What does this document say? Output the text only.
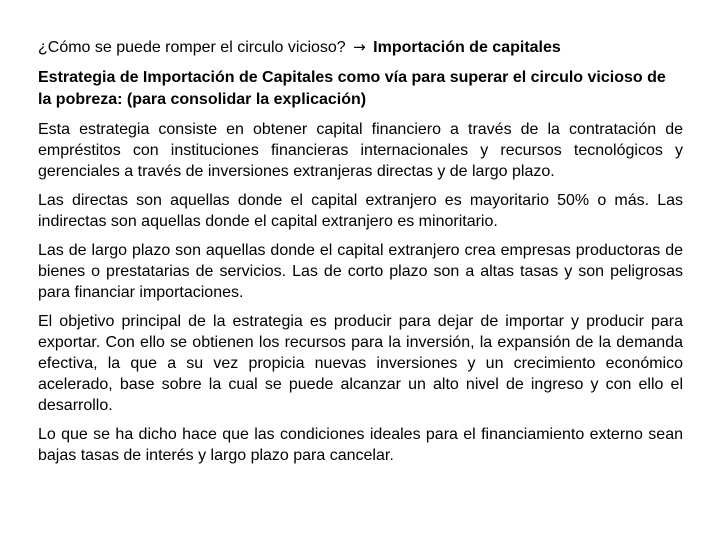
¿Cómo se puede romper el circulo vicioso? → Importación de capitales
Estrategia de Importación de Capitales como vía para superar el circulo vicioso de la pobreza: (para consolidar la explicación)

Esta estrategia consiste en obtener capital financiero a través de la contratación de empréstitos con instituciones financieras internacionales y recursos tecnológicos y gerenciales a través de inversiones extranjeras directas y de largo plazo.

Las directas son aquellas donde el capital extranjero es mayoritario 50% o más. Las indirectas son aquellas donde el capital extranjero es minoritario.

Las de largo plazo son aquellas donde el capital extranjero crea empresas productoras de bienes o prestatarias de servicios. Las de corto plazo son a altas tasas y son peligrosas para financiar importaciones.

El objetivo principal de la estrategia es producir para dejar de importar y producir para exportar. Con ello se obtienen los recursos para la inversión, la expansión de la demanda efectiva, la que a su vez propicia nuevas inversiones y un crecimiento económico acelerado, base sobre la cual se puede alcanzar un alto nivel de ingreso y con ello el desarrollo.

Lo que se ha dicho hace que las condiciones ideales para el financiamiento externo sean bajas tasas de interés y largo plazo para cancelar.
